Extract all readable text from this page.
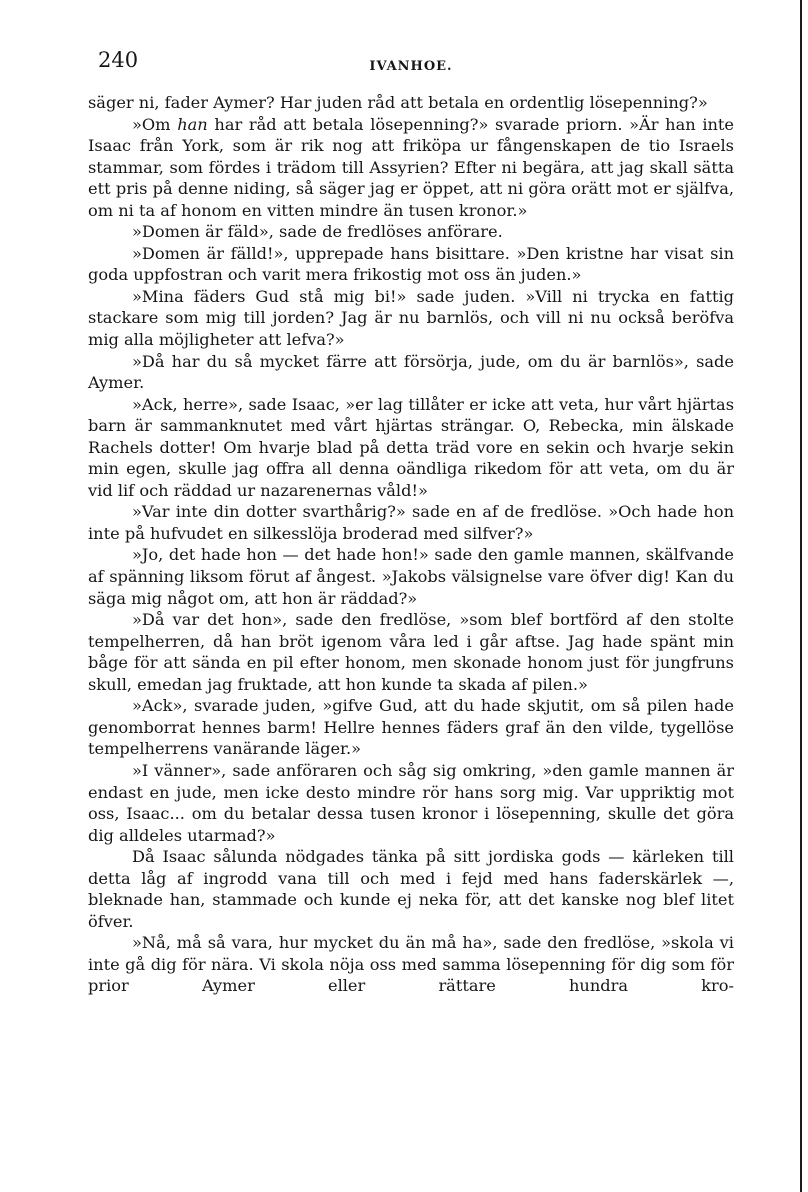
240	IVANHOE.

säger ni, fader Aymer? Har juden råd att betala en ordentlig lösepenning?»

»Om han har råd att betala lösepenning?» svarade priorn. »Är han inte Isaac från York, som är rik nog att friköpa ur fångenskapen de tio Israels stammar, som fördes i trädom till Assyrien? Efter ni begära, att jag skall sätta ett pris på denne niding, så säger jag er öppet, att ni göra orätt mot er själfva, om ni ta af honom en vitten mindre än tusen kronor.»

»Domen är fäld», sade de fredlöses anförare.

»Domen är fälld!», upprepade hans bisittare. »Den kristne har visat sin goda uppfostran och varit mera frikostig mot oss än juden.»

»Mina fäders Gud stå mig bi!» sade juden. »Vill ni trycka en fattig stackare som mig till jorden? Jag är nu barnlös, och vill ni nu också beröfva mig alla möjligheter att lefva?»

»Då har du så mycket färre att försörja, jude, om du är barnlös», sade Aymer.

»Ack, herre», sade Isaac, »er lag tillåter er icke att veta, hur vårt hjärtas barn är sammanknutet med vårt hjärtas strängar. O, Rebecka, min älskade Rachels dotter! Om hvarje blad på detta träd vore en sekin och hvarje sekin min egen, skulle jag offra all denna oändliga rikedom för att veta, om du är vid lif och räddad ur nazarenernas våld!»

»Var inte din dotter svarthårig?» sade en af de fredlöse. »Och hade hon inte på hufvudet en silkesslöja broderad med silfver?»

»Jo, det hade hon — det hade hon!» sade den gamle mannen, skälfvande af spänning liksom förut af ångest. »Jakobs välsignelse vare öfver dig! Kan du säga mig något om, att hon är räddad?»

»Då var det hon», sade den fredlöse, »som blef bortförd af den stolte tempelherren, då han bröt igenom våra led i går aftse. Jag hade spänt min båge för att sända en pil efter honom, men skonade honom just för jungfruns skull, emedan jag fruktade, att hon kunde ta skada af pilen.»

»Ack», svarade juden, »gifve Gud, att du hade skjutit, om så pilen hade genomborrat hennes barm! Hellre hennes fäders graf än den vilde, tygellöse tempelherrens vanärande läger.»

»I vänner», sade anföraren och såg sig omkring, »den gamle mannen är endast en jude, men icke desto mindre rör hans sorg mig. Var uppriktig mot oss, Isaac... om du betalar dessa tusen kronor i lösepenning, skulle det göra dig alldeles utarmad?»

Då Isaac sålunda nödgades tänka på sitt jordiska gods — kärleken till detta låg af ingrodd vana till och med i fejd med hans faderskärlek —, bleknade han, stammade och kunde ej neka för, att det kanske nog blef litet öfver.

»Nå, må så vara, hur mycket du än må ha», sade den fredlöse, »skola vi inte gå dig för nära. Vi skola nöja oss med samma lösepenning för dig som för prior Aymer eller rättare hundra kro-
